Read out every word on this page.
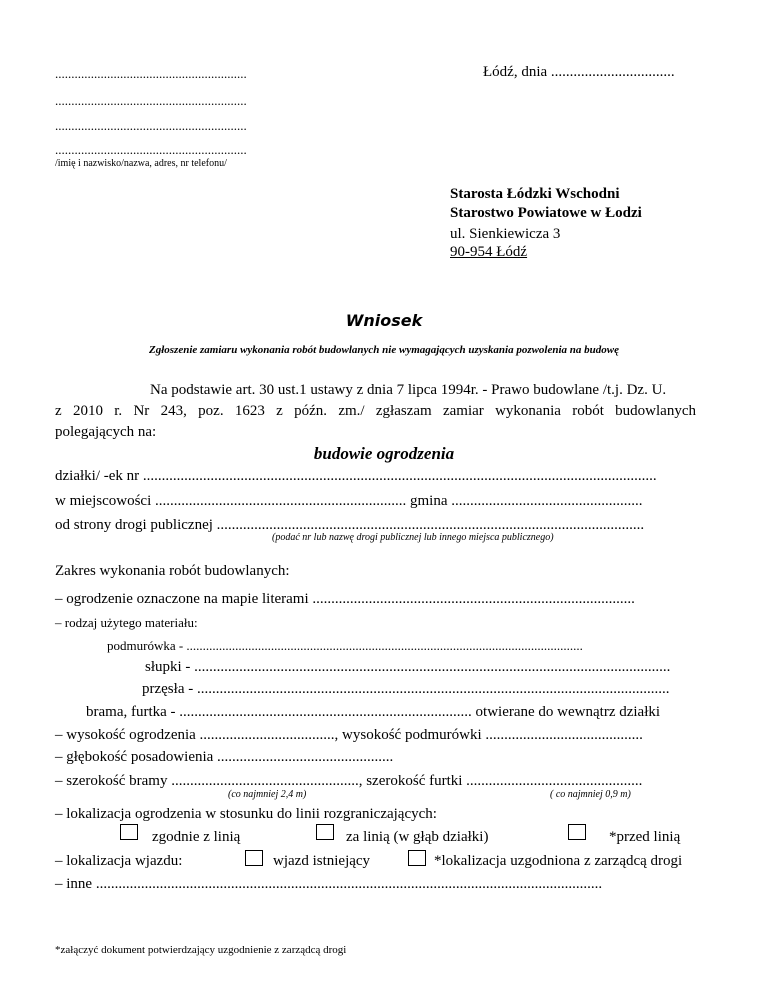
...........................................................
...........................................................
...........................................................
...........................................................
/imię i nazwisko/nazwa, adres, nr telefonu/
Łódź, dnia .................................
Starosta Łódzki Wschodni
Starostwo Powiatowe w Łodzi
ul. Sienkiewicza 3
90-954 Łódź
Wniosek
Zgłoszenie zamiaru wykonania robót budowlanych nie wymagających uzyskania pozwolenia na budowę
Na podstawie art. 30 ust.1 ustawy z dnia 7 lipca 1994r. - Prawo budowlane /t.j. Dz. U.
z 2010 r. Nr 243, poz. 1623 z późn. zm./ zgłaszam zamiar wykonania robót budowlanych
polegających na:
budowie ogrodzenia
działki/ -ek nr .........................................................................................................................................
w miejscowości ................................................................... gmina ...................................................
od strony drogi publicznej ..................................................................................................................
(podać nr lub nazwę drogi publicznej lub innego miejsca publicznego)
Zakres wykonania robót budowlanych:
– ogrodzenie oznaczone na mapie literami ......................................................................................
– rodzaj użytego materiału:
podmurówka - ..........................................................................................................................
słupki - ...............................................................................................................................
przęsła - ..............................................................................................................................
brama, furtka - .............................................................................. otwierane do wewnątrz działki
– wysokość ogrodzenia ...................................., wysokość podmurówki ..........................................
– głębokość posadowienia ...............................................
– szerokość bramy .................................................., szerokość furtki ...............................................
(co najmniej 2,4 m)	( co najmniej 0,9 m)
– lokalizacja ogrodzenia w stosunku do linii rozgraniczających:
zgodnie z linią	za linią (w głąb działki)	*przed linią
– lokalizacja wjazdu:	wjazd istniejący	*lokalizacja uzgodniona z zarządcą drogi
– inne .......................................................................................................................................
*załączyć dokument potwierdzający uzgodnienie z zarządcą drogi
